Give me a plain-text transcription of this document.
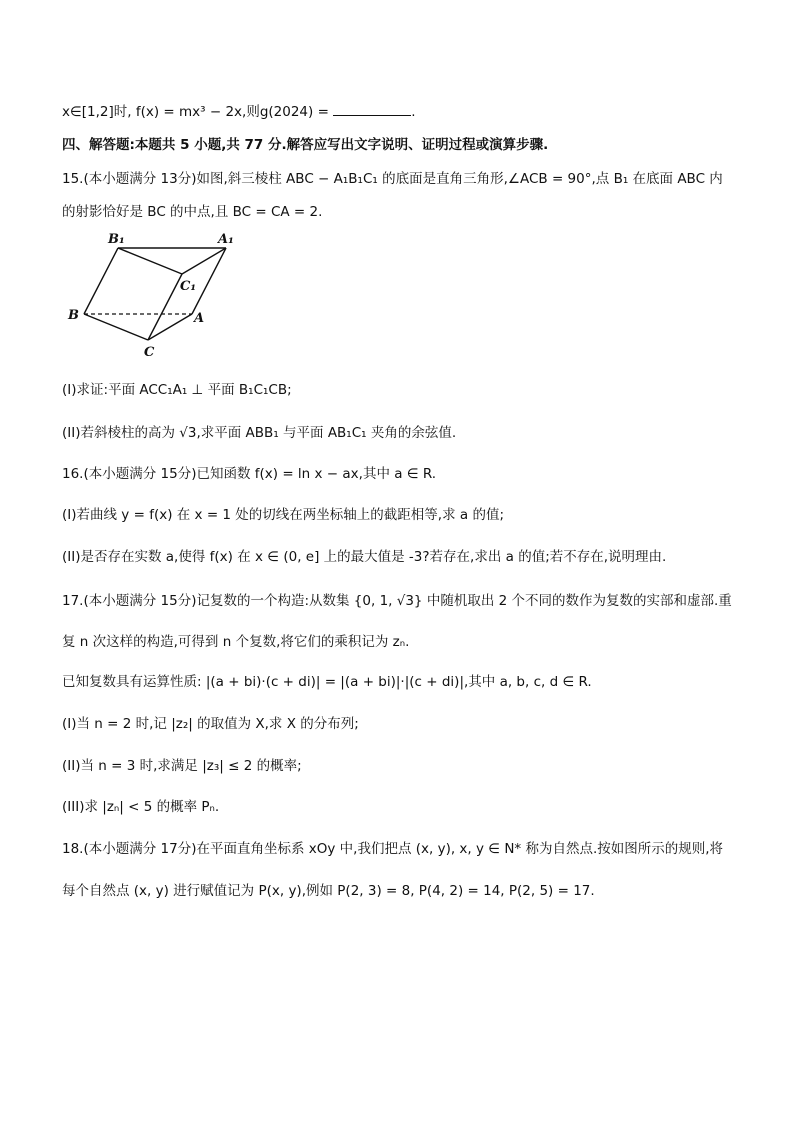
x∈[1,2]时, f(x) = mx³ − 2x,则g(2024) =	.
四、解答题:本题共 5 小题,共 77 分.解答应写出文字说明、证明过程或演算步骤.
15.(本小题满分 13分)如图,斜三棱柱 ABC − A₁B₁C₁ 的底面是直角三角形,∠ACB = 90°,点 B₁ 在底面 ABC 内
的射影恰好是 BC 的中点,且 BC = CA = 2.
B₁	A₁
C₁
B	A
C
(I)求证:平面 ACC₁A₁ ⊥ 平面 B₁C₁CB;
(II)若斜棱柱的高为 √3,求平面 ABB₁ 与平面 AB₁C₁ 夹角的余弦值.
16.(本小题满分 15分)已知函数 f(x) = ln x − ax,其中 a ∈ R.
(I)若曲线 y = f(x) 在 x = 1 处的切线在两坐标轴上的截距相等,求 a 的值;
(II)是否存在实数 a,使得 f(x) 在 x ∈ (0, e] 上的最大值是 -3?若存在,求出 a 的值;若不存在,说明理由.
17.(本小题满分 15分)记复数的一个构造:从数集 {0, 1, √3} 中随机取出 2 个不同的数作为复数的实部和虚部.重
复 n 次这样的构造,可得到 n 个复数,将它们的乘积记为 zₙ.
已知复数具有运算性质: |(a + bi)·(c + di)| = |(a + bi)|·|(c + di)|,其中 a, b, c, d ∈ R.
(I)当 n = 2 时,记 |z₂| 的取值为 X,求 X 的分布列;
(II)当 n = 3 时,求满足 |z₃| ≤ 2 的概率;
(III)求 |zₙ| < 5 的概率 Pₙ.
18.(本小题满分 17分)在平面直角坐标系 xOy 中,我们把点 (x, y), x, y ∈ N* 称为自然点.按如图所示的规则,将
每个自然点 (x, y) 进行赋值记为 P(x, y),例如 P(2, 3) = 8, P(4, 2) = 14, P(2, 5) = 17.
